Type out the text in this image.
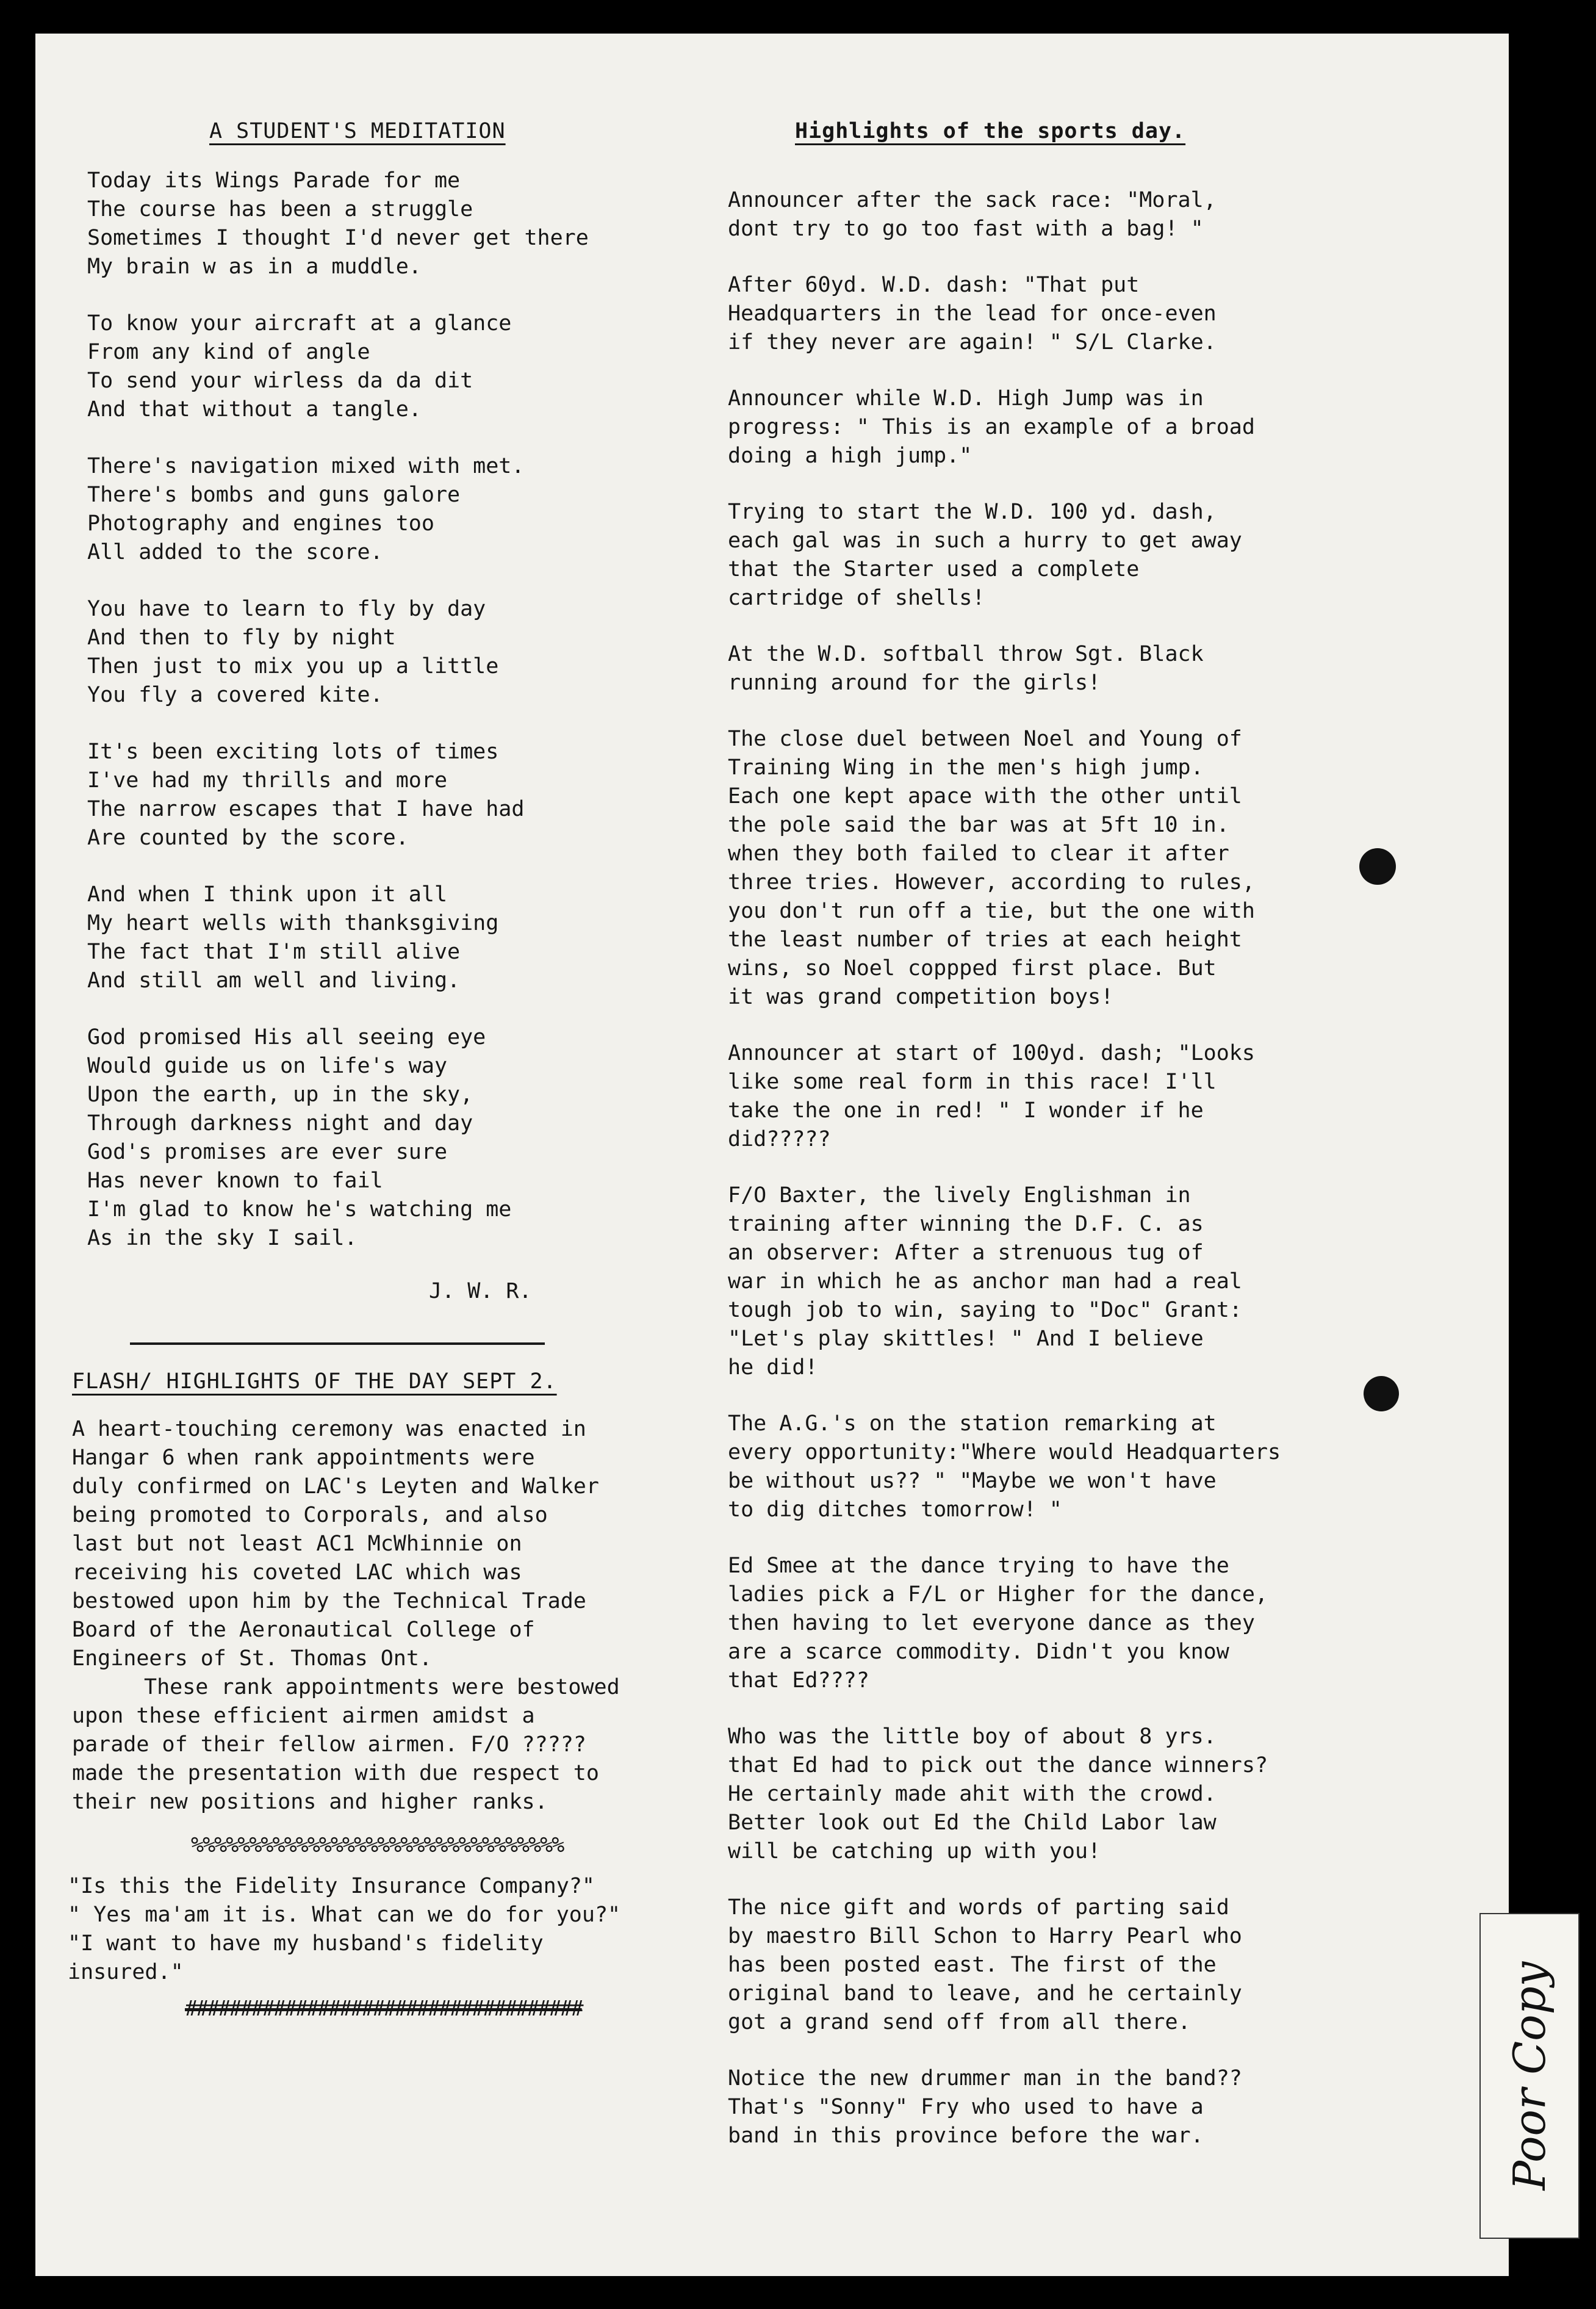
A STUDENT'S MEDITATION
Today its Wings Parade for me
The course has been a struggle
Sometimes I thought I'd never get there
My brain w as in a muddle.
To know your aircraft at a glance
From any kind of angle
To send your wirless da da dit
And that without a tangle.
There's navigation mixed with met.
There's bombs and guns galore
Photography and engines too
All added to the score.
You have to learn to fly by day
And then to fly by night
Then just to mix you up a little
You fly a covered kite.
It's been exciting lots of times
I've had my thrills and more
The narrow escapes that I have had
Are counted by the score.
And when I think upon it all
My heart wells with thanksgiving
The fact that I'm still alive
And still am well and living.
God promised His all seeing eye
Would guide us on life's way
Upon the earth, up in the sky,
Through darkness night and day
God's promises are ever sure
Has never known to fail
I'm glad to know he's watching me
As in the sky I sail.
J. W. R.
FLASH/ HIGHLIGHTS OF THE DAY SEPT 2.
A heart-touching ceremony was enacted in
Hangar 6 when rank appointments were
duly confirmed on LAC's Leyten and Walker
being promoted to Corporals, and also
last but not least AC1 McWhinnie on
receiving his coveted LAC which was
bestowed upon him by the Technical Trade
Board of the Aeronautical College of
Engineers of St. Thomas Ont.
These rank appointments were bestowed
upon these efficient airmen amidst a
parade of their fellow airmen. F/O ?????
made the presentation with due respect to
their new positions and higher ranks.
%%%%%%%%%%%%%%%%%%%%%%%%%%%%%%%%
"Is this the Fidelity Insurance Company?"
" Yes ma'am it is. What can we do for you?"
"I want to have my husband's fidelity
insured."
####################################
Highlights of the sports day.
Announcer after the sack race: "Moral,
dont try to go too fast with a bag! "
After 60yd. W.D. dash: "That put
Headquarters in the lead for once-even
if they never are again! " S/L Clarke.
Announcer while W.D. High Jump was in
progress: " This is an example of a broad
doing a high jump."
Trying to start the W.D. 100 yd. dash,
each gal was in such a hurry to get away
that the Starter used a complete
cartridge of shells!
At the W.D. softball throw Sgt. Black
running around for the girls!
The close duel between Noel and Young of
Training Wing in the men's high jump.
Each one kept apace with the other until
the pole said the bar was at 5ft 10 in.
when they both failed to clear it after
three tries. However, according to rules,
you don't run off a tie, but the one with
the least number of tries at each height
wins, so Noel coppped first place. But
it was grand competition boys!
Announcer at start of 100yd. dash; "Looks
like some real form in this race! I'll
take the one in red! " I wonder if he
did?????
F/O Baxter, the lively Englishman in
training after winning the D.F. C. as
an observer: After a strenuous tug of
war in which he as anchor man had a real
tough job to win, saying to "Doc" Grant:
"Let's play skittles! " And I believe
he did!
The A.G.'s on the station remarking at
every opportunity:"Where would Headquarters
be without us?? " "Maybe we won't have
to dig ditches tomorrow! "
Ed Smee at the dance trying to have the
ladies pick a F/L or Higher for the dance,
then having to let everyone dance as they
are a scarce commodity. Didn't you know
that Ed????
Who was the little boy of about 8 yrs.
that Ed had to pick out the dance winners?
He certainly made ahit with the crowd.
Better look out Ed the Child Labor law
will be catching up with you!
The nice gift and words of parting said
by maestro Bill Schon to Harry Pearl who
has been posted east. The first of the
original band to leave, and he certainly
got a grand send off from all there.
Notice the new drummer man in the band??
That's "Sonny" Fry who used to have a
band in this province before the war.	Poor Copy
